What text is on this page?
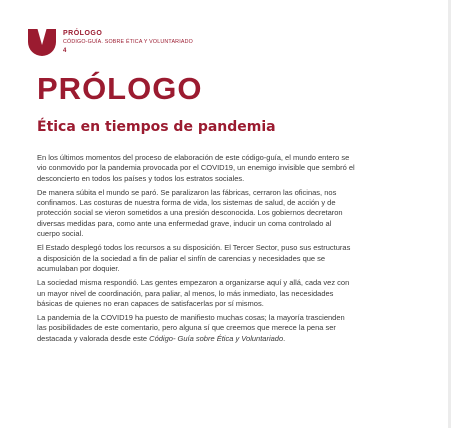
PRÓLOGO
CÓDIGO-GUÍA. SOBRE ÉTICA Y VOLUNTARIADO
4
PRÓLOGO
Ética en tiempos de pandemia

En los últimos momentos del proceso de elaboración de este código-guía, el mundo entero se vio conmovido por la pandemia provocada por el COVID19, un enemigo invisible que sembró el desconcierto en todos los países y todos los estratos sociales.

De manera súbita el mundo se paró. Se paralizaron las fábricas, cerraron las oficinas, nos confinamos. Las costuras de nuestra forma de vida, los sistemas de salud, de acción y de protección social se vieron sometidos a una presión desconocida. Los gobiernos decretaron diversas medidas para, como ante una enfermedad grave, inducir un coma controlado al cuerpo social.

El Estado desplegó todos los recursos a su disposición. El Tercer Sector, puso sus estructuras a disposición de la sociedad a fin de paliar el sinfín de carencias y necesidades que se acumulaban por doquier.

La sociedad misma respondió. Las gentes empezaron a organizarse aquí y allá, cada vez con un mayor nivel de coordinación, para paliar, al menos, lo más inmediato, las necesidades básicas de quienes no eran capaces de satisfacerlas por sí mismos.

La pandemia de la COVID19 ha puesto de manifiesto muchas cosas; la mayoría trascienden las posibilidades de este comentario, pero alguna sí que creemos que merece la pena ser destacada y valorada desde este Código- Guía sobre Ética y Voluntariado.
